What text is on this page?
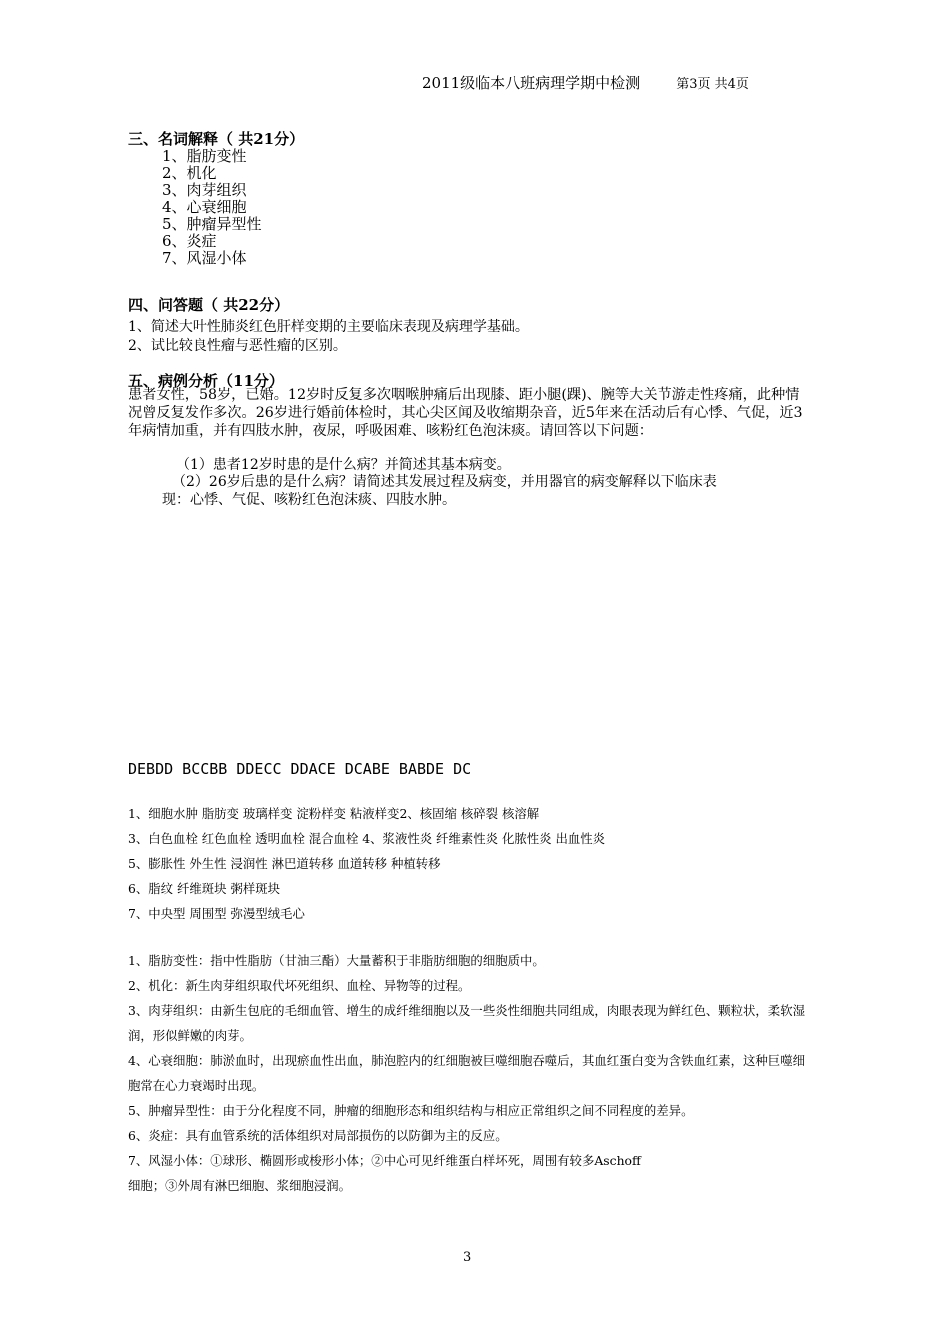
2011级临本八班病理学期中检测	第3页 共4页
三、名词解释（ 共21分）
1、脂肪变性
2、机化
3、肉芽组织
4、心衰细胞
5、肿瘤异型性
6、炎症
7、风湿小体
四、问答题（ 共22分）
1、简述大叶性肺炎红色肝样变期的主要临床表现及病理学基础。
2、试比较良性瘤与恶性瘤的区别。
五、病例分析（11分）
患者女性，58岁，已婚。12岁时反复多次咽喉肿痛后出现膝、距小腿(踝)、腕等大关节游走性疼痛，此种情况曾反复发作多次。26岁进行婚前体检时，其心尖区闻及收缩期杂音，近5年来在活动后有心悸、气促，近3年病情加重，并有四肢水肿，夜尿，呼吸困难、咳粉红色泡沫痰。请回答以下问题：
（1）患者12岁时患的是什么病？并简述其基本病变。
（2）26岁后患的是什么病？请简述其发展过程及病变，并用器官的病变解释以下临床表
现：心悸、气促、咳粉红色泡沫痰、四肢水肿。
DEBDD BCCBB DDECC DDACE DCABE BABDE DC
1、细胞水肿 脂肪变 玻璃样变 淀粉样变 粘液样变2、核固缩 核碎裂 核溶解
3、白色血栓 红色血栓 透明血栓 混合血栓 4、浆液性炎 纤维素性炎 化脓性炎 出血性炎
5、膨胀性 外生性 浸润性 淋巴道转移 血道转移 种植转移
6、脂纹 纤维斑块 粥样斑块
7、中央型 周围型 弥漫型绒毛心
1、脂肪变性：指中性脂肪（甘油三酯）大量蓄积于非脂肪细胞的细胞质中。
2、机化：新生肉芽组织取代坏死组织、血栓、异物等的过程。
3、肉芽组织：由新生包庇的毛细血管、增生的成纤维细胞以及一些炎性细胞共同组成，肉眼表现为鲜红色、颗粒状，柔软湿润，形似鲜嫩的肉芽。
4、心衰细胞：肺淤血时，出现瘀血性出血，肺泡腔内的红细胞被巨噬细胞吞噬后，其血红蛋白变为含铁血红素，这种巨噬细胞常在心力衰竭时出现。
5、肿瘤异型性：由于分化程度不同，肿瘤的细胞形态和组织结构与相应正常组织之间不同程度的差异。
6、炎症：具有血管系统的活体组织对局部损伤的以防御为主的反应。
7、风湿小体：①球形、椭圆形或梭形小体；②中心可见纤维蛋白样坏死，周围有较多Aschoff
细胞；③外周有淋巴细胞、浆细胞浸润。
3
